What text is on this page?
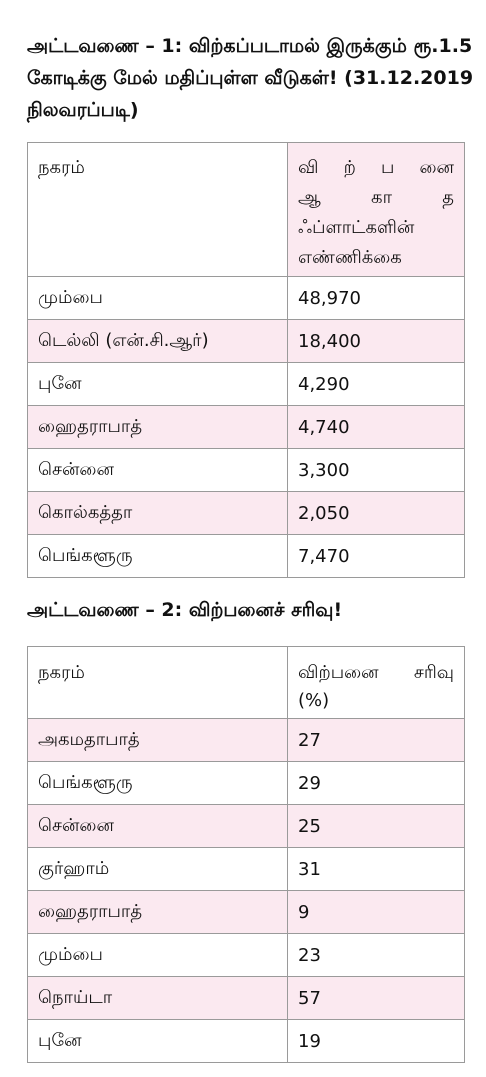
அட்டவணை – 1: விற்கப்படாமல் இருக்கும் ரூ.1.5 கோடிக்கு மேல் மதிப்புள்ள வீடுகள்! (31.12.2019 நிலவரப்படி)

நகரம்	வி ற் ப னை
ஆ கா த
ஃப்ளாட்களின்
எண்ணிக்கை

மும்பை	48,970
டெல்லி (என்.சி.ஆர்)	18,400
புனே	4,290
ஹைதராபாத்	4,740
சென்னை	3,300
கொல்கத்தா	2,050
பெங்களூரு	7,470

அட்டவணை – 2: விற்பனைச் சரிவு!

நகரம்	விற்பனை சரிவு
(%)

அகமதாபாத்	27
பெங்களூரு	29
சென்னை	25
குர்ஹாம்	31
ஹைதராபாத்	9
மும்பை	23
நொய்டா	57
புனே	19
